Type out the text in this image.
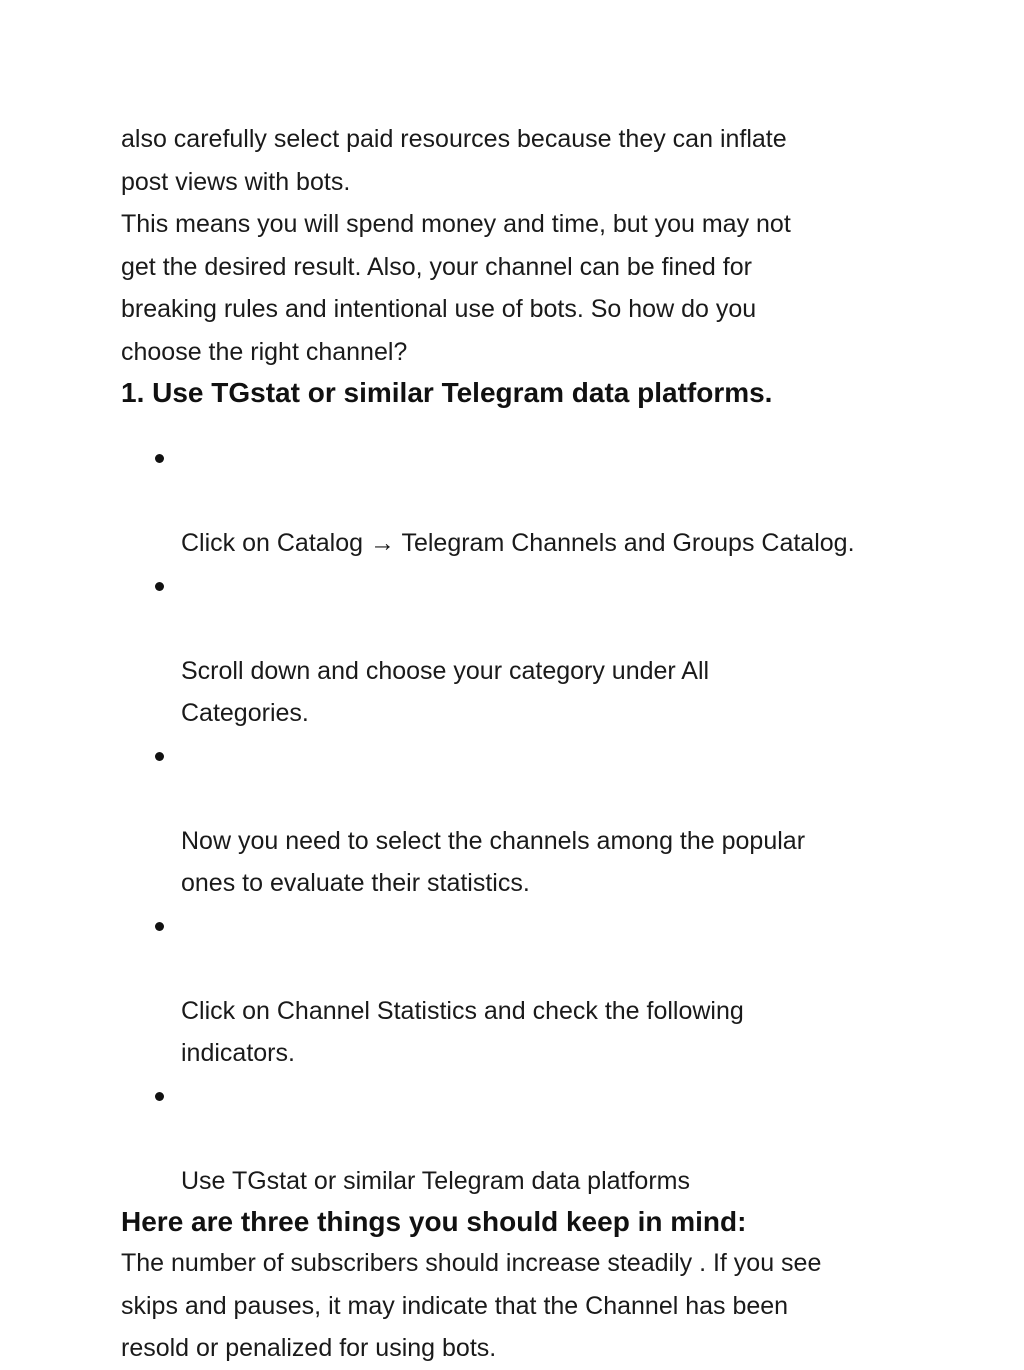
also carefully select paid resources because they can inflate
post views with bots.

This means you will spend money and time, but you may not
get the desired result. Also, your channel can be fined for
breaking rules and intentional use of bots. So how do you
choose the right channel?

1. Use TGstat or similar Telegram data platforms.

Click on Catalog → Telegram Channels and Groups Catalog.

Scroll down and choose your category under All
Categories.

Now you need to select the channels among the popular
ones to evaluate their statistics.

Click on Channel Statistics and check the following
indicators.

Use TGstat or similar Telegram data platforms

Here are three things you should keep in mind:

The number of subscribers should increase steadily . If you see
skips and pauses, it may indicate that the Channel has been
resold or penalized for using bots.
